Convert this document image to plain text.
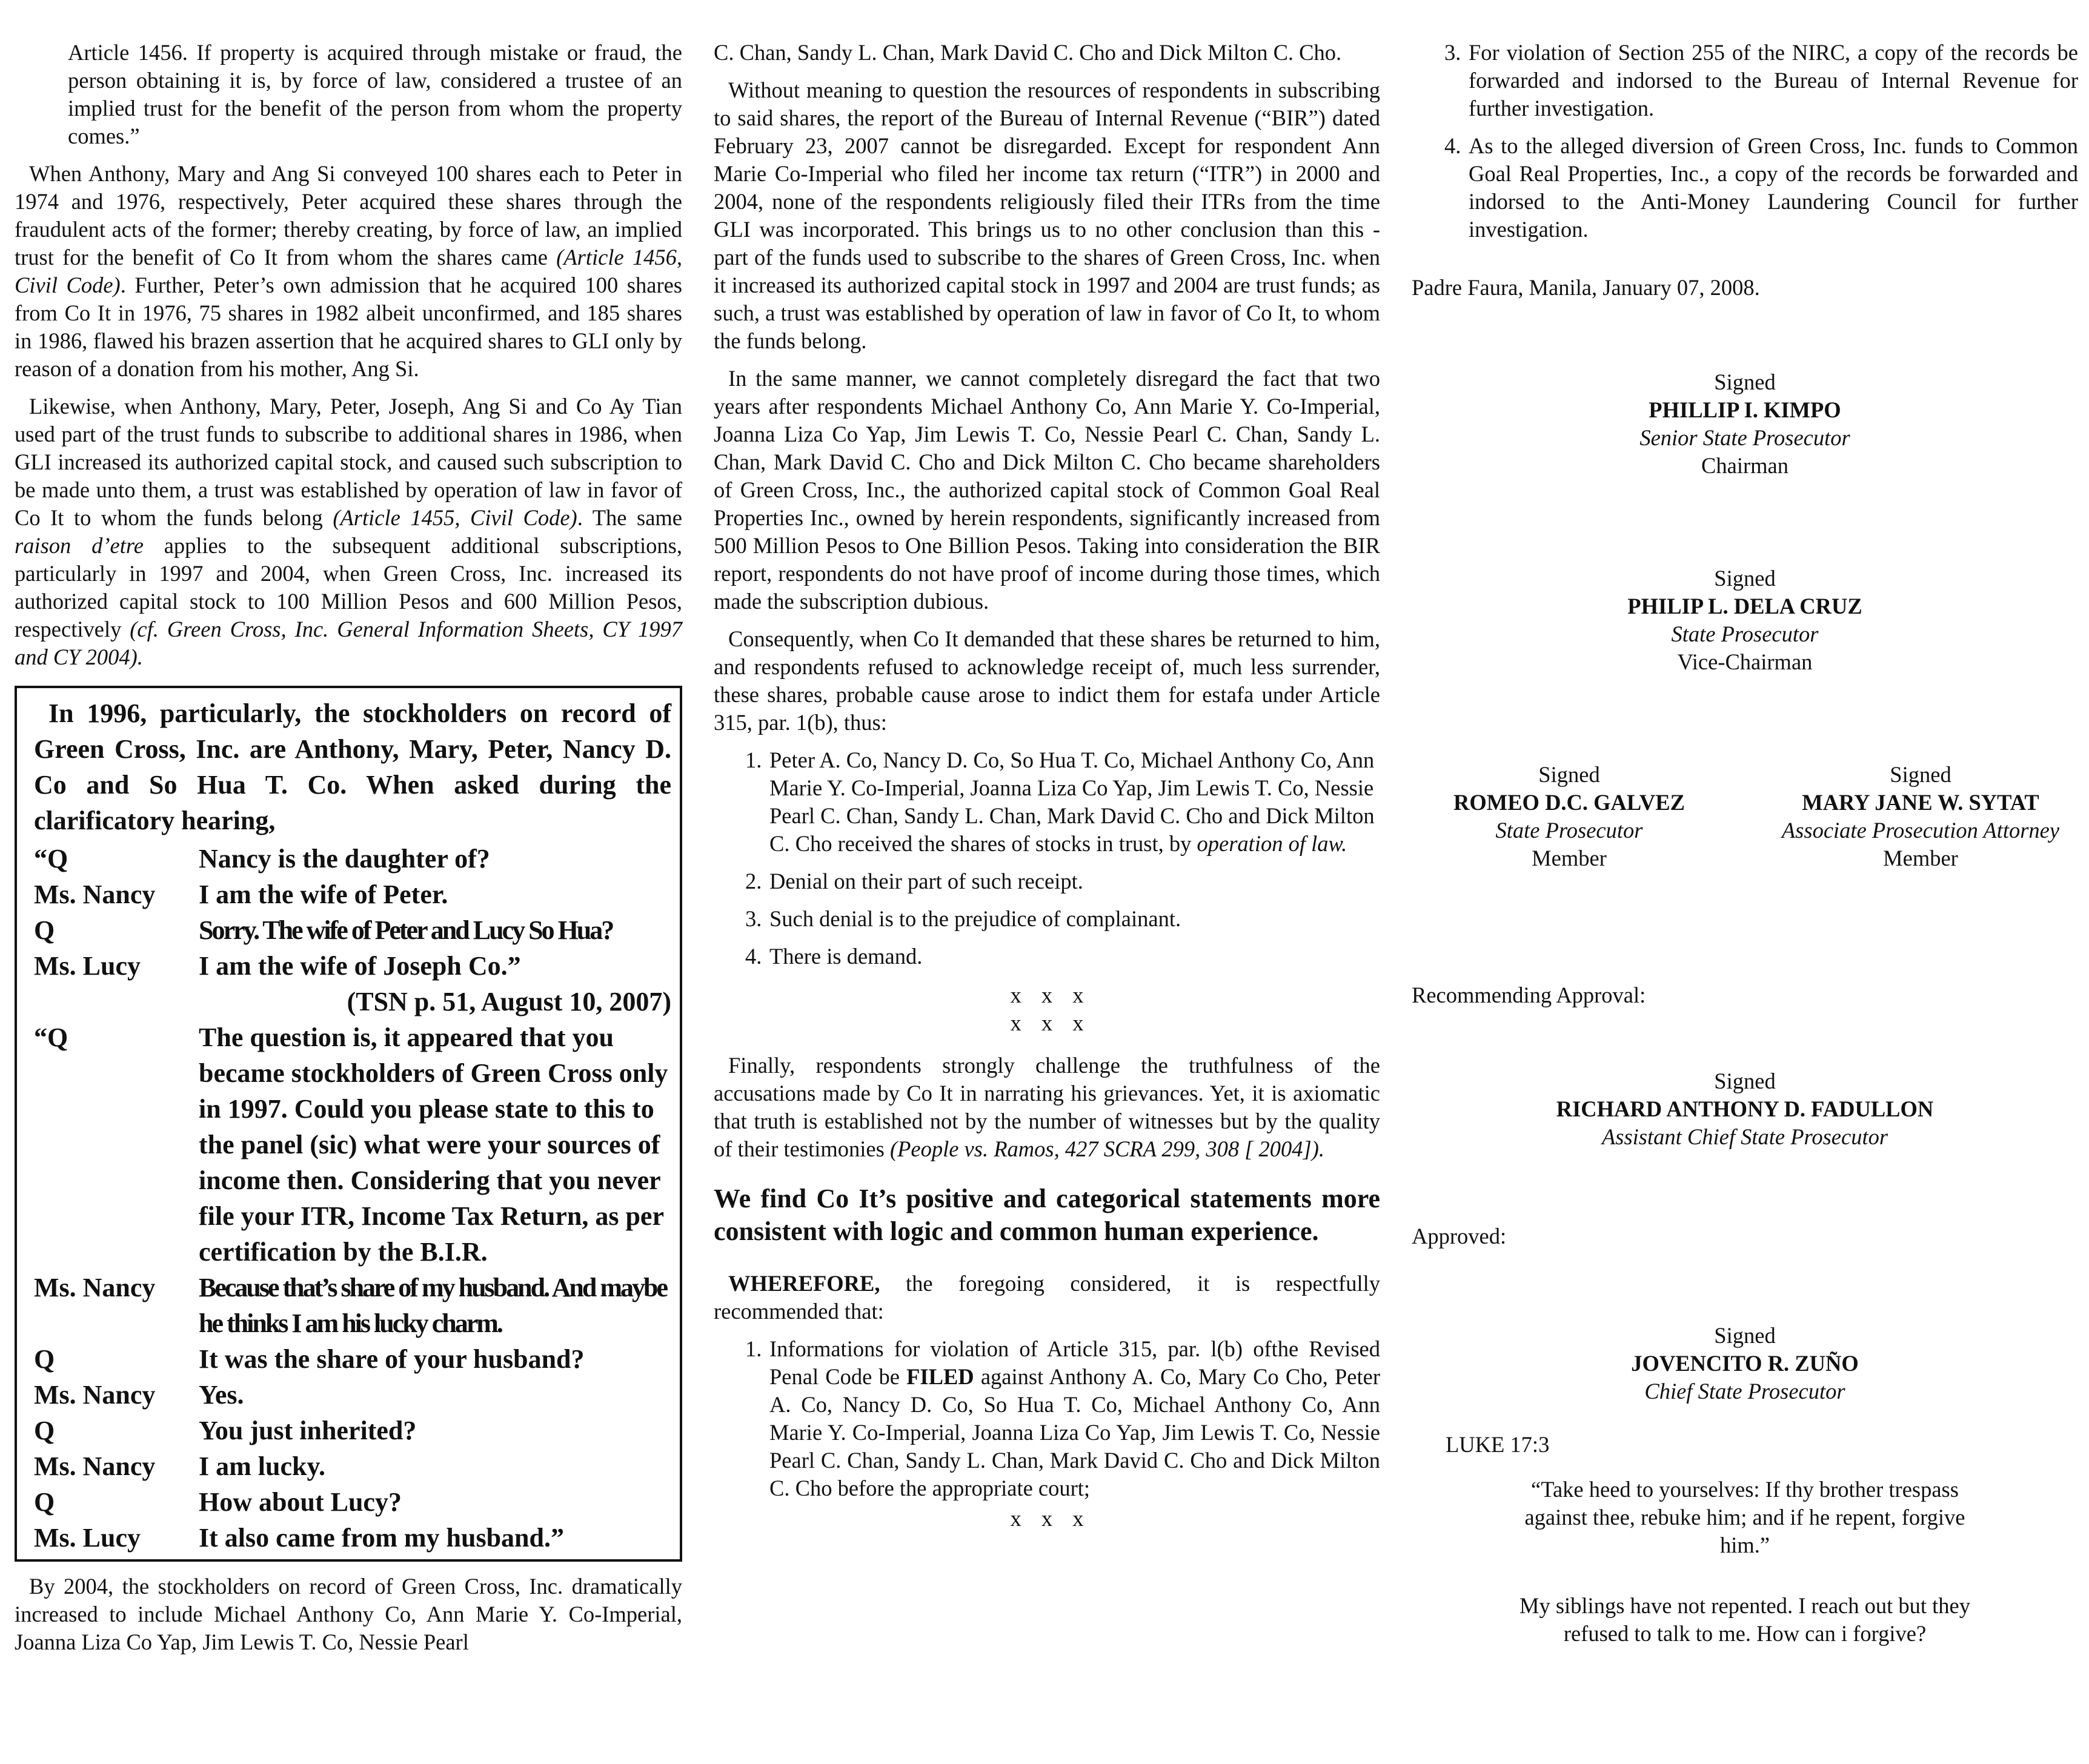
Article 1456. If property is acquired through mistake or fraud, the person obtaining it is, by force of law, considered a trustee of an implied trust for the benefit of the person from whom the property comes.”
When Anthony, Mary and Ang Si conveyed 100 shares each to Peter in 1974 and 1976, respectively, Peter acquired these shares through the fraudulent acts of the former; thereby creating, by force of law, an implied trust for the benefit of Co It from whom the shares came (Article 1456, Civil Code). Further, Peter’s own admission that he acquired 100 shares from Co It in 1976, 75 shares in 1982 albeit unconfirmed, and 185 shares in 1986, flawed his brazen assertion that he acquired shares to GLI only by reason of a donation from his mother, Ang Si.
Likewise, when Anthony, Mary, Peter, Joseph, Ang Si and Co Ay Tian used part of the trust funds to subscribe to additional shares in 1986, when GLI increased its authorized capital stock, and caused such subscription to be made unto them, a trust was established by operation of law in favor of Co It to whom the funds belong (Article 1455, Civil Code). The same raison d’etre applies to the subsequent additional subscriptions, particularly in 1997 and 2004, when Green Cross, Inc. increased its authorized capital stock to 100 Million Pesos and 600 Million Pesos, respectively (cf. Green Cross, Inc. General Information Sheets, CY 1997 and CY 2004).
In 1996, particularly, the stockholders on record of Green Cross, Inc. are Anthony, Mary, Peter, Nancy D. Co and So Hua T. Co. When asked during the clarificatory hearing,
“Q	Nancy is the daughter of?
Ms. Nancy	I am the wife of Peter.
Q	Sorry. The wife of Peter and Lucy So Hua?
Ms. Lucy	I am the wife of Joseph Co.”
(TSN p. 51, August 10, 2007)
“Q	The question is, it appeared that you became stockholders of Green Cross only in 1997. Could you please state to this to the panel (sic) what were your sources of income then. Considering that you never file your ITR, Income Tax Return, as per certification by the B.I.R.
Ms. Nancy	Because that’s share of my husband. And maybe he thinks I am his lucky charm.
Q	It was the share of your husband?
Ms. Nancy	Yes.
Q	You just inherited?
Ms. Nancy	I am lucky.
Q	How about Lucy?
Ms. Lucy	It also came from my husband.”
By 2004, the stockholders on record of Green Cross, Inc. dramatically increased to include Michael Anthony Co, Ann Marie Y. Co-Imperial, Joanna Liza Co Yap, Jim Lewis T. Co, Nessie Pearl
C. Chan, Sandy L. Chan, Mark David C. Cho and Dick Milton C. Cho.
Without meaning to question the resources of respondents in subscribing to said shares, the report of the Bureau of Internal Revenue (“BIR”) dated February 23, 2007 cannot be disregarded. Except for respondent Ann Marie Co-Imperial who filed her income tax return (“ITR”) in 2000 and 2004, none of the respondents religiously filed their ITRs from the time GLI was incorporated. This brings us to no other conclusion than this - part of the funds used to subscribe to the shares of Green Cross, Inc. when it increased its authorized capital stock in 1997 and 2004 are trust funds; as such, a trust was established by operation of law in favor of Co It, to whom the funds belong.
In the same manner, we cannot completely disregard the fact that two years after respondents Michael Anthony Co, Ann Marie Y. Co-Imperial, Joanna Liza Co Yap, Jim Lewis T. Co, Nessie Pearl C. Chan, Sandy L. Chan, Mark David C. Cho and Dick Milton C. Cho became shareholders of Green Cross, Inc., the authorized capital stock of Common Goal Real Properties Inc., owned by herein respondents, significantly increased from 500 Million Pesos to One Billion Pesos. Taking into consideration the BIR report, respondents do not have proof of income during those times, which made the subscription dubious.
Consequently, when Co It demanded that these shares be returned to him, and respondents refused to acknowledge receipt of, much less surrender, these shares, probable cause arose to indict them for estafa under Article 315, par. 1(b), thus:
1. Peter A. Co, Nancy D. Co, So Hua T. Co, Michael Anthony Co, Ann Marie Y. Co-Imperial, Joanna Liza Co Yap, Jim Lewis T. Co, Nessie Pearl C. Chan, Sandy L. Chan, Mark David C. Cho and Dick Milton C. Cho received the shares of stocks in trust, by operation of law.
2. Denial on their part of such receipt.
3. Such denial is to the prejudice of complainant.
4. There is demand.
x x x
x x x
Finally, respondents strongly challenge the truthfulness of the accusations made by Co It in narrating his grievances. Yet, it is axiomatic that truth is established not by the number of witnesses but by the quality of their testimonies (People vs. Ramos, 427 SCRA 299, 308 [ 2004]).
We find Co It’s positive and categorical statements more consistent with logic and common human experience.
WHEREFORE, the foregoing considered, it is respectfully recommended that:
1. Informations for violation of Article 315, par. l(b) ofthe Revised Penal Code be FILED against Anthony A. Co, Mary Co Cho, Peter A. Co, Nancy D. Co, So Hua T. Co, Michael Anthony Co, Ann Marie Y. Co-Imperial, Joanna Liza Co Yap, Jim Lewis T. Co, Nessie Pearl C. Chan, Sandy L. Chan, Mark David C. Cho and Dick Milton C. Cho before the appropriate court;
x x x
3. For violation of Section 255 of the NIRC, a copy of the records be forwarded and indorsed to the Bureau of Internal Revenue for further investigation.
4. As to the alleged diversion of Green Cross, Inc. funds to Common Goal Real Properties, Inc., a copy of the records be forwarded and indorsed to the Anti-Money Laundering Council for further investigation.
Padre Faura, Manila, January 07, 2008.
Signed
PHILLIP I. KIMPO
Senior State Prosecutor
Chairman
Signed
PHILIP L. DELA CRUZ
State Prosecutor
Vice-Chairman
Signed
ROMEO D.C. GALVEZ
State Prosecutor
Member
Signed
MARY JANE W. SYTAT
Associate Prosecution Attorney
Member
Recommending Approval:
Signed
RICHARD ANTHONY D. FADULLON
Assistant Chief State Prosecutor
Approved:
Signed
JOVENCITO R. ZUÑO
Chief State Prosecutor
LUKE 17:3
“Take heed to yourselves: If thy brother trespass against thee, rebuke him; and if he repent, forgive him.”
My siblings have not repented. I reach out but they refused to talk to me. How can i forgive?
